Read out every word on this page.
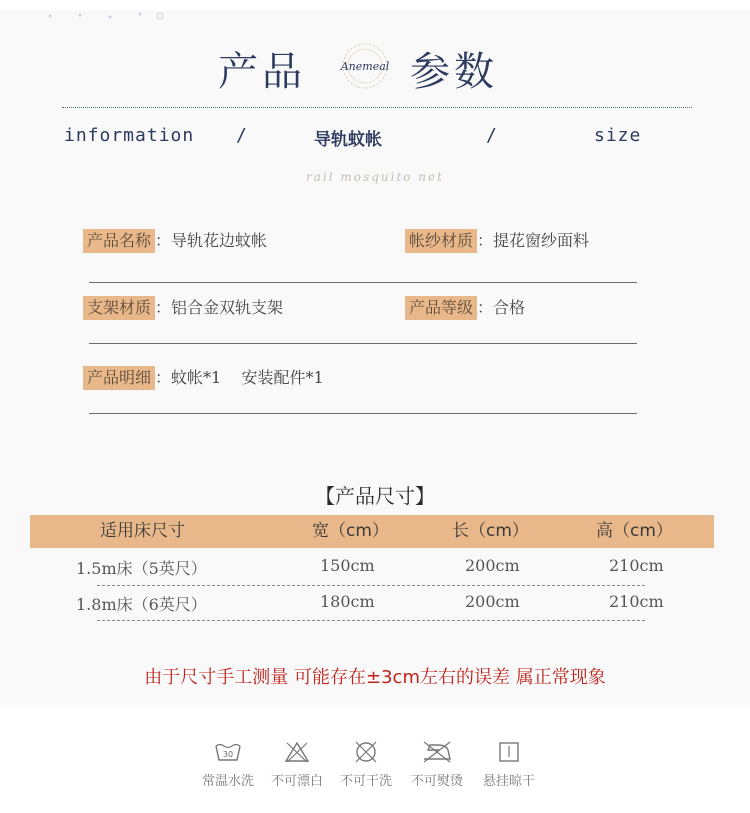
产品	Anemeal 参数
information /	导轨蚊帐	/	size
rail mosquito net
产品名称 ：导轨花边蚊帐	帐纱材质 ：提花窗纱面料
支架材质 ：铝合金双轨支架	产品等级 ：合格
产品明细 ：蚊帐*1    安装配件*1
【产品尺寸】
适用床尺寸	宽（cm）	长（cm）	高（cm）
1.5m床（5英尺）	150cm	200cm	210cm
1.8m床（6英尺）	180cm	200cm	210cm
由于尺寸手工测量 可能存在±3cm左右的误差 属正常现象
30
常温水洗	不可漂白	不可干洗	不可熨烫	悬挂晾干
